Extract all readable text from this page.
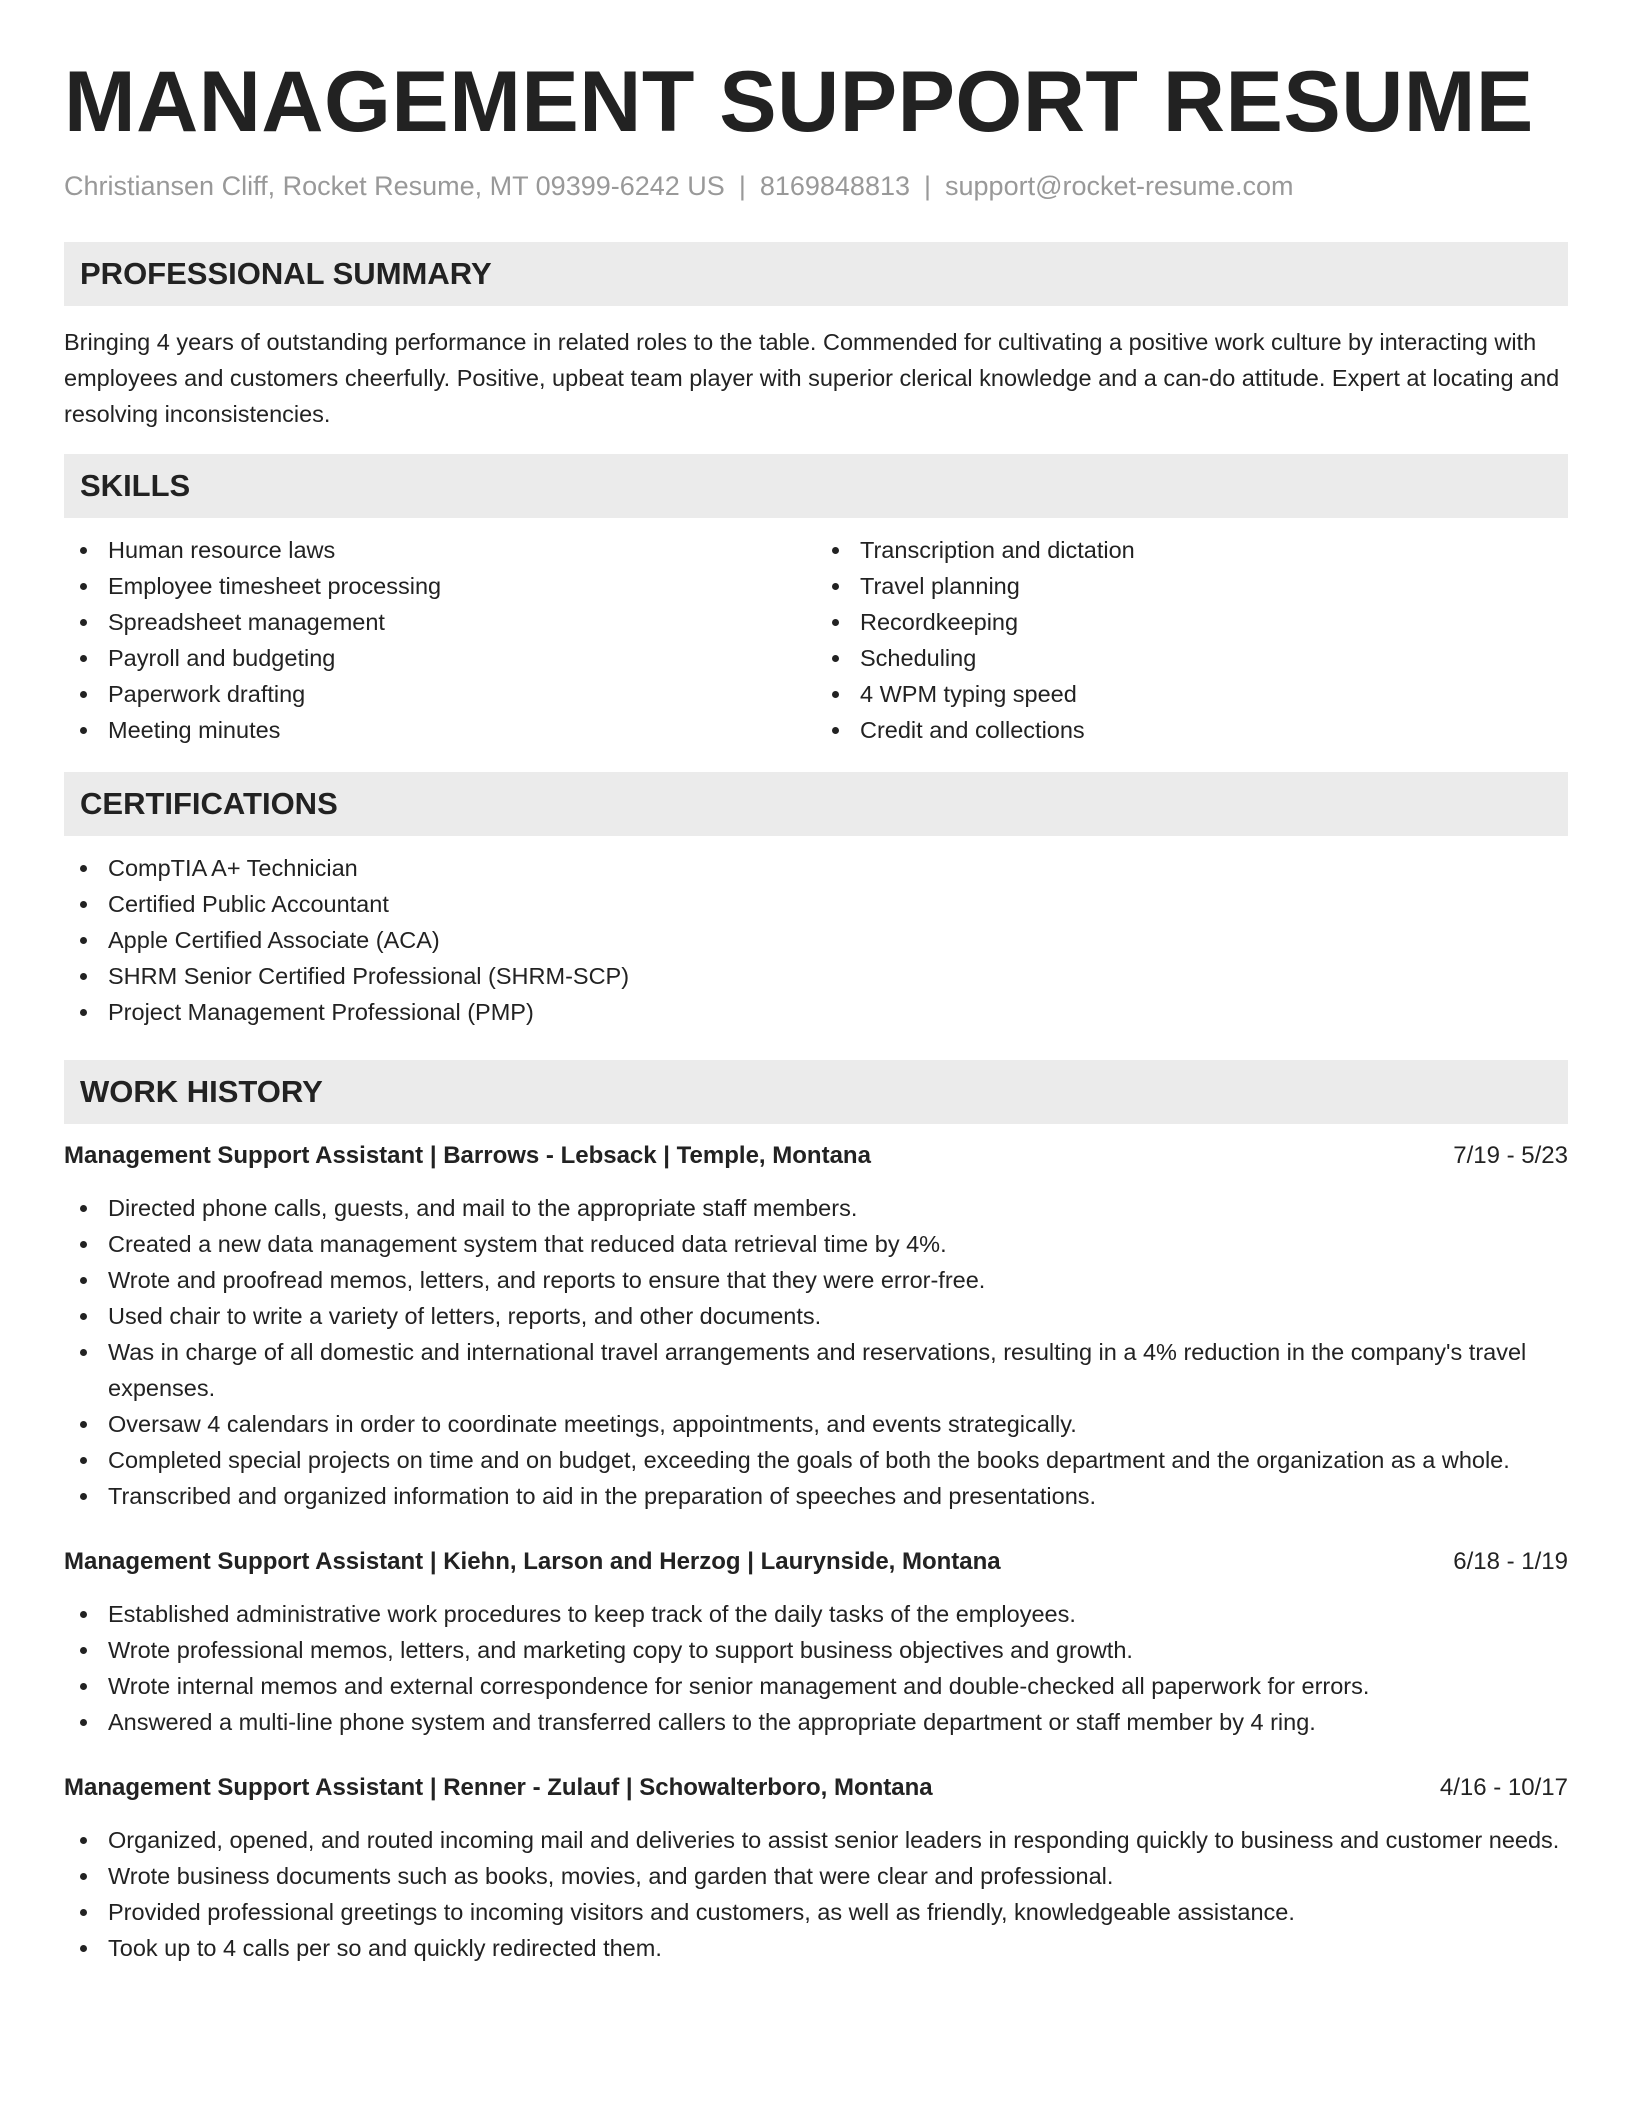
MANAGEMENT SUPPORT RESUME
Christiansen Cliff, Rocket Resume, MT 09399-6242 US | 8169848813 | support@rocket-resume.com
PROFESSIONAL SUMMARY

Bringing 4 years of outstanding performance in related roles to the table. Commended for cultivating a positive work culture by interacting with employees and customers cheerfully. Positive, upbeat team player with superior clerical knowledge and a can-do attitude. Expert at locating and resolving inconsistencies.

SKILLS
Human resource laws
Employee timesheet processing
Spreadsheet management
Payroll and budgeting
Paperwork drafting
Meeting minutes
Transcription and dictation
Travel planning
Recordkeeping
Scheduling
4 WPM typing speed
Credit and collections
CERTIFICATIONS
CompTIA A+ Technician
Certified Public Accountant
Apple Certified Associate (ACA)
SHRM Senior Certified Professional (SHRM-SCP)
Project Management Professional (PMP)
WORK HISTORY
Management Support Assistant | Barrows - Lebsack | Temple, Montana	7/19 - 5/23
Directed phone calls, guests, and mail to the appropriate staff members.
Created a new data management system that reduced data retrieval time by 4%.
Wrote and proofread memos, letters, and reports to ensure that they were error-free.
Used chair to write a variety of letters, reports, and other documents.
Was in charge of all domestic and international travel arrangements and reservations, resulting in a 4% reduction in the company's travel expenses.
Oversaw 4 calendars in order to coordinate meetings, appointments, and events strategically.
Completed special projects on time and on budget, exceeding the goals of both the books department and the organization as a whole.
Transcribed and organized information to aid in the preparation of speeches and presentations.
Management Support Assistant | Kiehn, Larson and Herzog | Laurynside, Montana	6/18 - 1/19
Established administrative work procedures to keep track of the daily tasks of the employees.
Wrote professional memos, letters, and marketing copy to support business objectives and growth.
Wrote internal memos and external correspondence for senior management and double-checked all paperwork for errors.
Answered a multi-line phone system and transferred callers to the appropriate department or staff member by 4 ring.
Management Support Assistant | Renner - Zulauf | Schowalterboro, Montana	4/16 - 10/17
Organized, opened, and routed incoming mail and deliveries to assist senior leaders in responding quickly to business and customer needs.
Wrote business documents such as books, movies, and garden that were clear and professional.
Provided professional greetings to incoming visitors and customers, as well as friendly, knowledgeable assistance.
Took up to 4 calls per so and quickly redirected them.
